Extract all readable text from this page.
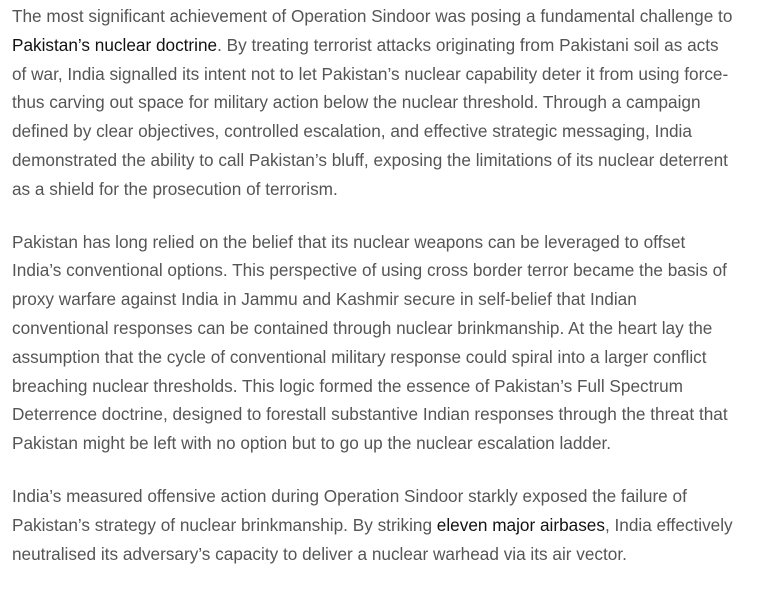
The most significant achievement of Operation Sindoor was posing a fundamental challenge to
Pakistan’s nuclear doctrine. By treating terrorist attacks originating from Pakistani soil as acts
of war, India signalled its intent not to let Pakistan’s nuclear capability deter it from using force-
thus carving out space for military action below the nuclear threshold. Through a campaign
defined by clear objectives, controlled escalation, and effective strategic messaging, India
demonstrated the ability to call Pakistan’s bluff, exposing the limitations of its nuclear deterrent
as a shield for the prosecution of terrorism.

Pakistan has long relied on the belief that its nuclear weapons can be leveraged to offset
India’s conventional options. This perspective of using cross border terror became the basis of
proxy warfare against India in Jammu and Kashmir secure in self-belief that Indian
conventional responses can be contained through nuclear brinkmanship. At the heart lay the
assumption that the cycle of conventional military response could spiral into a larger conflict
breaching nuclear thresholds. This logic formed the essence of Pakistan’s Full Spectrum
Deterrence doctrine, designed to forestall substantive Indian responses through the threat that
Pakistan might be left with no option but to go up the nuclear escalation ladder.

India’s measured offensive action during Operation Sindoor starkly exposed the failure of
Pakistan’s strategy of nuclear brinkmanship. By striking eleven major airbases, India effectively
neutralised its adversary’s capacity to deliver a nuclear warhead via its air vector.
